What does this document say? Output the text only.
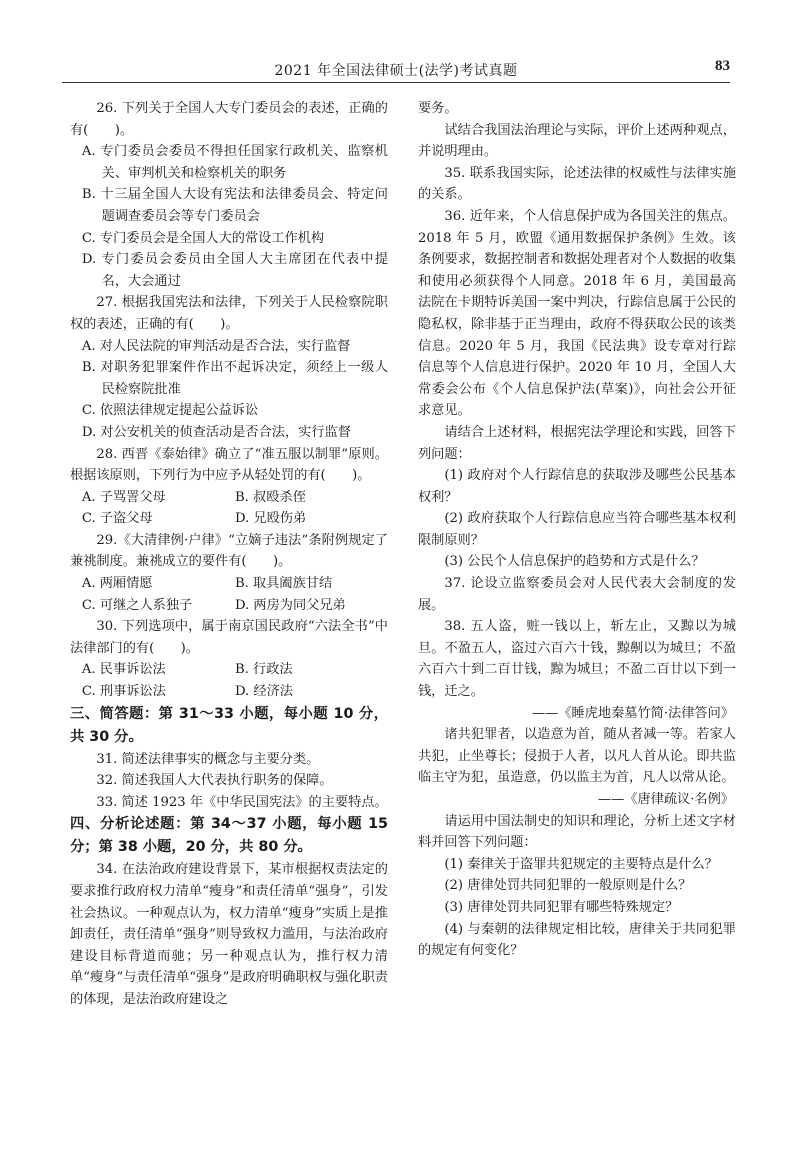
2021 年全国法律硕士(法学)考试真题	83

26. 下列关于全国人大专门委员会的表述，正确的有(　　)。

A. 专门委员会委员不得担任国家行政机关、监察机关、审判机关和检察机关的职务

B. 十三届全国人大设有宪法和法律委员会、特定问题调查委员会等专门委员会

C. 专门委员会是全国人大的常设工作机构

D. 专门委员会委员由全国人大主席团在代表中提名，大会通过

27. 根据我国宪法和法律，下列关于人民检察院职权的表述，正确的有(　　)。

A. 对人民法院的审判活动是否合法，实行监督

B. 对职务犯罪案件作出不起诉决定，须经上一级人民检察院批准

C. 依照法律规定提起公益诉讼

D. 对公安机关的侦查活动是否合法，实行监督

28. 西晋《泰始律》确立了“准五服以制罪”原则。根据该原则，下列行为中应予从轻处罚的有(　　)。

A. 子骂詈父母	B. 叔殴杀侄
C. 子盗父母	D. 兄殴伤弟

29.《大清律例·户律》“立嫡子违法”条附例规定了兼祧制度。兼祧成立的要件有(　　)。

A. 两厢情愿	B. 取具阖族甘结
C. 可继之人系独子	D. 两房为同父兄弟

30. 下列选项中，属于南京国民政府“六法全书”中法律部门的有(　　)。

A. 民事诉讼法	B. 行政法
C. 刑事诉讼法	D. 经济法

三、简答题：第 31～33 小题，每小题 10 分，共 30 分。

31. 简述法律事实的概念与主要分类。

32. 简述我国人大代表执行职务的保障。

33. 简述 1923 年《中华民国宪法》的主要特点。

四、分析论述题：第 34～37 小题，每小题 15 分；第 38 小题，20 分，共 80 分。

34. 在法治政府建设背景下，某市根据权责法定的要求推行政府权力清单“瘦身”和责任清单“强身”，引发社会热议。一种观点认为，权力清单“瘦身”实质上是推卸责任，责任清单“强身”则导致权力滥用，与法治政府建设目标背道而驰；另一种观点认为，推行权力清单“瘦身”与责任清单“强身”是政府明确职权与强化职责的体现，是法治政府建设之

要务。

试结合我国法治理论与实际，评价上述两种观点，并说明理由。

35. 联系我国实际，论述法律的权威性与法律实施的关系。

36. 近年来，个人信息保护成为各国关注的焦点。2018 年 5 月，欧盟《通用数据保护条例》生效。该条例要求，数据控制者和数据处理者对个人数据的收集和使用必须获得个人同意。2018 年 6 月，美国最高法院在卡期特诉美国一案中判决，行踪信息属于公民的隐私权，除非基于正当理由，政府不得获取公民的该类信息。2020 年 5 月，我国《民法典》设专章对行踪信息等个人信息进行保护。2020 年 10 月，全国人大常委会公布《个人信息保护法(草案)》，向社会公开征求意见。

请结合上述材料，根据宪法学理论和实践，回答下列问题：

(1) 政府对个人行踪信息的获取涉及哪些公民基本权利？

(2) 政府获取个人行踪信息应当符合哪些基本权利限制原则？

(3) 公民个人信息保护的趋势和方式是什么？

37. 论设立监察委员会对人民代表大会制度的发展。

38. 五人盗，赃一钱以上，斩左止，又黥以为城旦。不盈五人，盗过六百六十钱，黥劓以为城旦；不盈六百六十到二百廿钱，黥为城旦；不盈二百廿以下到一钱，迁之。

——《睡虎地秦墓竹简·法律答问》

诸共犯罪者，以造意为首，随从者减一等。若家人共犯，止坐尊长；侵损于人者，以凡人首从论。即共监临主守为犯，虽造意，仍以监主为首，凡人以常从论。

——《唐律疏议·名例》

请运用中国法制史的知识和理论，分析上述文字材料并回答下列问题：

(1) 秦律关于盗罪共犯规定的主要特点是什么？

(2) 唐律处罚共同犯罪的一般原则是什么？

(3) 唐律处罚共同犯罪有哪些特殊规定？

(4) 与秦朝的法律规定相比较，唐律关于共同犯罪的规定有何变化？
